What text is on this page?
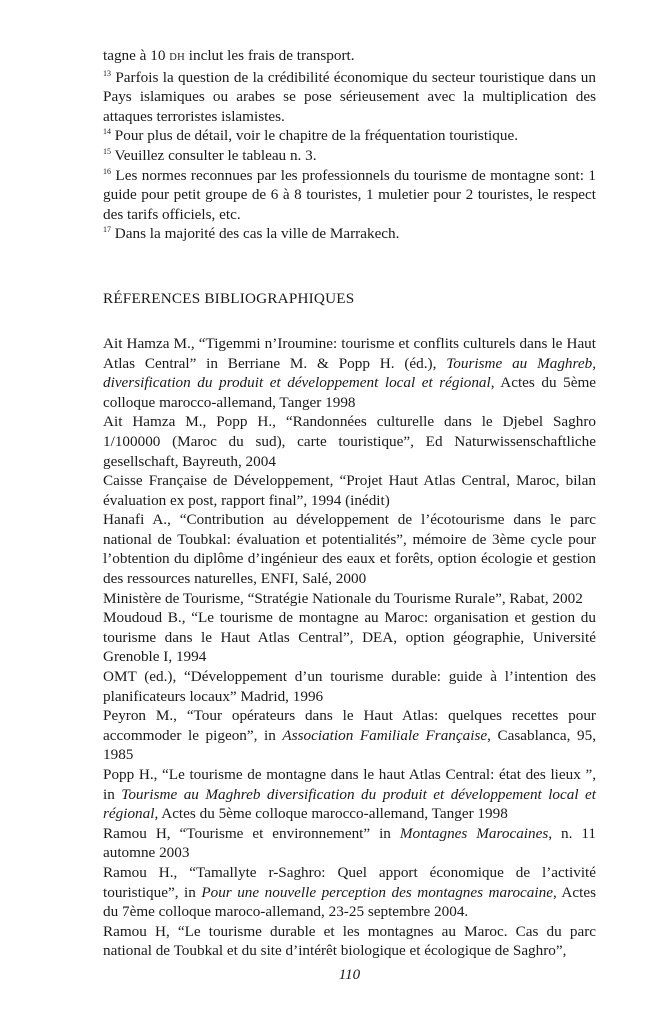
tagne à 10 DH inclut les frais de transport.

$^{13}$ Parfois la question de la crédibilité économique du secteur touristique dans un Pays islamiques ou arabes se pose sérieusement avec la multiplication des attaques terroristes islamistes.

$^{14}$ Pour plus de détail, voir le chapitre de la fréquentation touristique.

$^{15}$ Veuillez consulter le tableau n. 3.

$^{16}$ Les normes reconnues par les professionnels du tourisme de montagne sont: 1 guide pour petit groupe de 6 à 8 touristes, 1 muletier pour 2 touristes, le respect des tarifs officiels, etc.

$^{17}$ Dans la majorité des cas la ville de Marrakech.

RÉFERENCES BIBLIOGRAPHIQUES

Ait Hamza M., “Tigemmi n’Iroumine: tourisme et conflits culturels dans le Haut Atlas Central” in Berriane M. & Popp H. (éd.), Tourisme au Maghreb, diversification du produit et développement local et régional, Actes du 5ème colloque marocco-allemand, Tanger 1998

Ait Hamza M., Popp H., “Randonnées culturelle dans le Djebel Saghro 1/100000 (Maroc du sud), carte touristique”, Ed Naturwissenschaftliche gesellschaft, Bayreuth, 2004

Caisse Française de Développement, “Projet Haut Atlas Central, Maroc, bilan évaluation ex post, rapport final”, 1994 (inédit)

Hanafi A., “Contribution au développement de l’écotourisme dans le parc national de Toubkal: évaluation et potentialités”, mémoire de 3ème cycle pour l’obtention du diplôme d’ingénieur des eaux et forêts, option écologie et gestion des ressources naturelles, ENFI, Salé, 2000

Ministère de Tourisme, “Stratégie Nationale du Tourisme Rurale”, Rabat, 2002

Moudoud B., “Le tourisme de montagne au Maroc: organisation et gestion du tourisme dans le Haut Atlas Central”, DEA, option géographie, Université Grenoble I, 1994

OMT (ed.), “Développement d’un tourisme durable: guide à l’intention des planificateurs locaux” Madrid, 1996

Peyron M., “Tour opérateurs dans le Haut Atlas: quelques recettes pour accommoder le pigeon”, in Association Familiale Française, Casablanca, 95, 1985

Popp H., “Le tourisme de montagne dans le haut Atlas Central: état des lieux ”, in Tourisme au Maghreb diversification du produit et développement local et régional, Actes du 5ème colloque marocco-allemand, Tanger 1998

Ramou H, “Tourisme et environnement” in Montagnes Marocaines, n. 11 automne 2003

Ramou H., “Tamallyte r-Saghro: Quel apport économique de l’activité touristique”, in Pour une nouvelle perception des montagnes marocaine, Actes du 7ème colloque maroco-allemand, 23-25 septembre 2004.

Ramou H, “Le tourisme durable et les montagnes au Maroc. Cas du parc national de Toubkal et du site d’intérêt biologique et écologique de Saghro”,

110
